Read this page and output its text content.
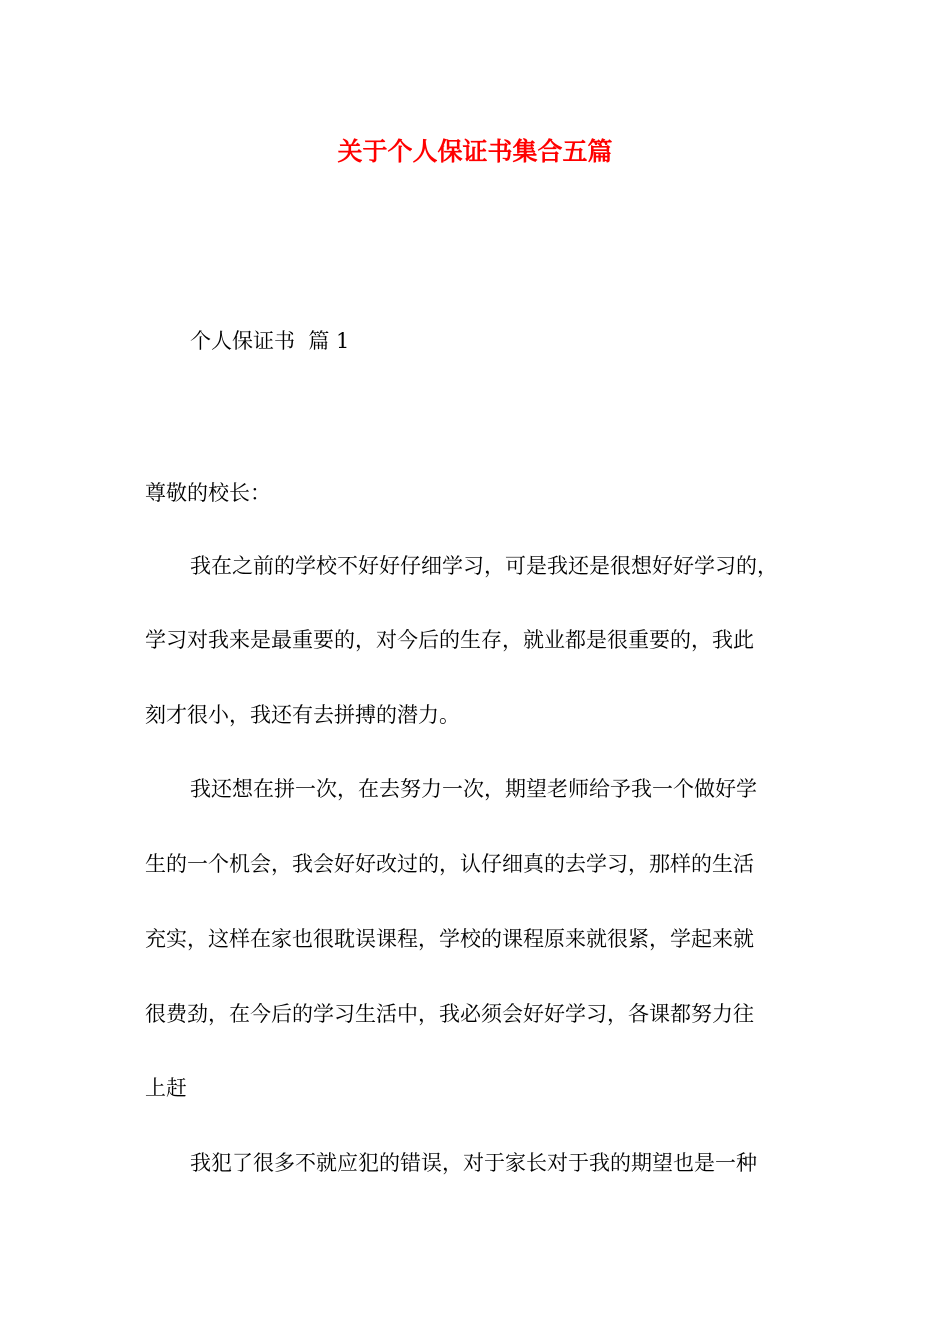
关于个人保证书集合五篇
个人保证书  篇 1
尊敬的校长：
我在之前的学校不好好仔细学习，可是我还是很想好好学习的，
学习对我来是最重要的，对今后的生存，就业都是很重要的，我此
刻才很小，我还有去拼搏的潜力。
我还想在拼一次，在去努力一次，期望老师给予我一个做好学
生的一个机会，我会好好改过的，认仔细真的去学习，那样的生活
充实，这样在家也很耽误课程，学校的课程原来就很紧，学起来就
很费劲，在今后的学习生活中，我必须会好好学习，各课都努力往
上赶
我犯了很多不就应犯的错误，对于家长对于我的期望也是一种
